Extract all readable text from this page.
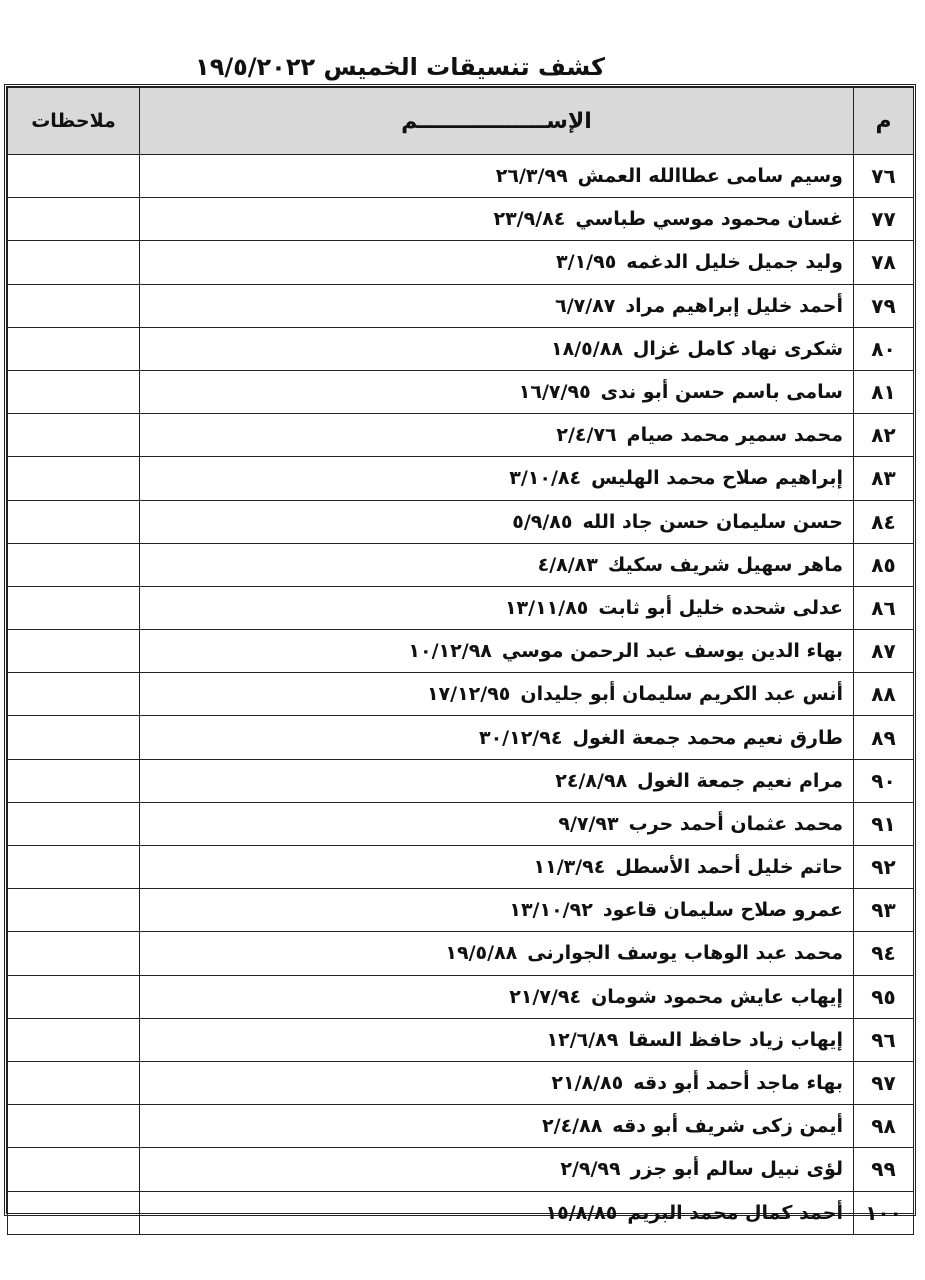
كشف تنسيقات الخميس ١٩/٥/٢٠٢٢
م	الإســـــــــــــــــم	ملاحظات
٧٦	وسيم سامى عطاالله العمش٢٦/٣/٩٩	
٧٧	غسان محمود موسي طباسي٢٣/٩/٨٤	
٧٨	وليد جميل خليل الدغمه٣/١/٩٥	
٧٩	أحمد خليل إبراهيم مراد٦/٧/٨٧	
٨٠	شكرى نهاد كامل غزال١٨/٥/٨٨	
٨١	سامى باسم حسن أبو ندى١٦/٧/٩٥	
٨٢	محمد سمير محمد صيام٢/٤/٧٦	
٨٣	إبراهيم صلاح محمد الهليس٣/١٠/٨٤	
٨٤	حسن سليمان حسن جاد الله٥/٩/٨٥	
٨٥	ماهر سهيل شريف سكيك٤/٨/٨٣	
٨٦	عدلى شحده خليل أبو ثابت١٣/١١/٨٥	
٨٧	بهاء الدين يوسف عبد الرحمن موسي١٠/١٢/٩٨	
٨٨	أنس عبد الكريم سليمان أبو جليدان١٧/١٢/٩٥	
٨٩	طارق نعيم محمد جمعة الغول٣٠/١٢/٩٤	
٩٠	مرام نعيم جمعة الغول٢٤/٨/٩٨	
٩١	محمد عثمان أحمد حرب٩/٧/٩٣	
٩٢	حاتم خليل أحمد الأسطل١١/٣/٩٤	
٩٣	عمرو صلاح سليمان قاعود١٣/١٠/٩٢	
٩٤	محمد عبد الوهاب يوسف الجوارنى١٩/٥/٨٨	
٩٥	إيهاب عايش محمود شومان٢١/٧/٩٤	
٩٦	إيهاب زياد حافظ السقا١٢/٦/٨٩	
٩٧	بهاء ماجد أحمد أبو دقه٢١/٨/٨٥	
٩٨	أيمن زكى شريف أبو دقه٢/٤/٨٨	
٩٩	لؤى نبيل سالم أبو جزر٢/٩/٩٩	
١٠٠	أحمد كمال محمد البريم١٥/٨/٨٥	
